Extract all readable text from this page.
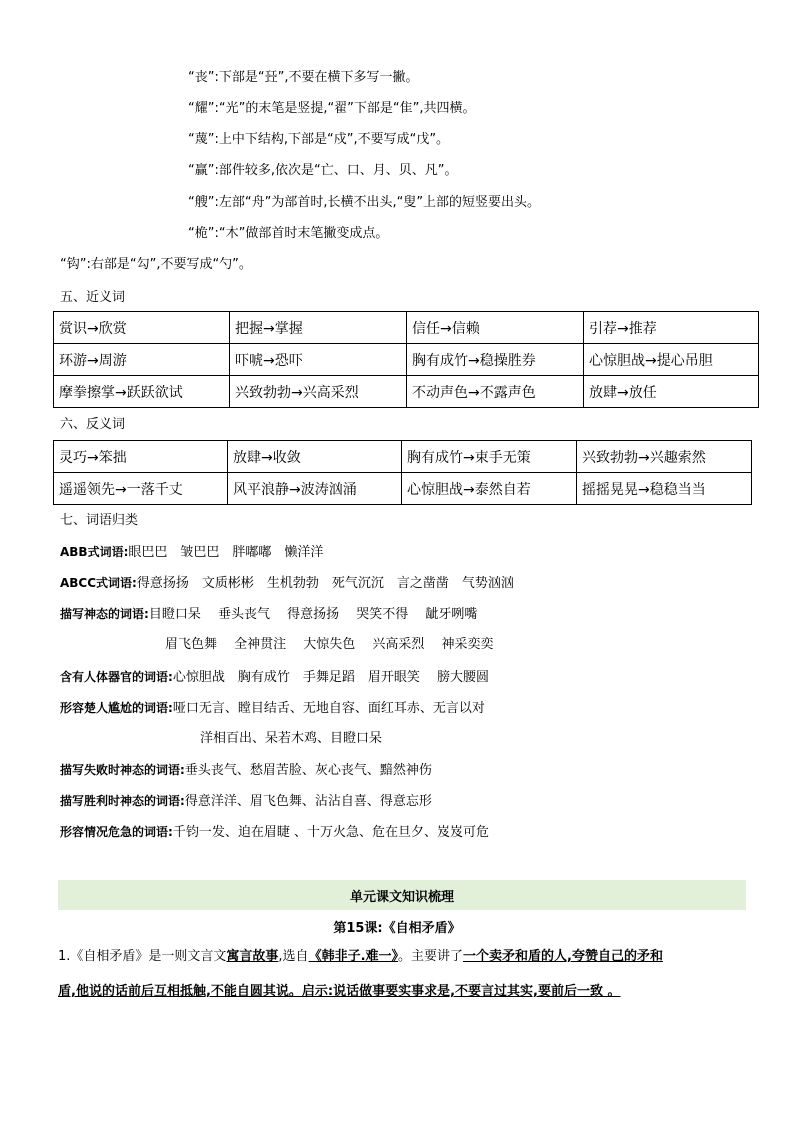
“丧”:下部是“㠭”,不要在横下多写一撇。
“耀”:“光”的末笔是竖提,“翟”下部是“隹”,共四横。
“蔑”:上中下结构,下部是“戍”,不要写成“戊”。
“赢”:部件较多,依次是“亡、口、月、贝、凡”。
“艘”:左部“舟”为部首时,长横不出头,“叟”上部的短竖要出头。
“桅”:“木”做部首时末笔撇变成点。
“钩”:右部是“勾”,不要写成“勺”。
五、近义词
赏识→欣赏	把握→掌握	信任→信赖	引荐→推荐
环游→周游	吓唬→恐吓	胸有成竹→稳操胜券	心惊胆战→提心吊胆
摩拳擦掌→跃跃欲试	兴致勃勃→兴高采烈	不动声色→不露声色	放肆→放任
六、反义词
灵巧→笨拙	放肆→收敛	胸有成竹→束手无策	兴致勃勃→兴趣索然
遥遥领先→一落千丈	风平浪静→波涛汹涌	心惊胆战→泰然自若	摇摇晃晃→稳稳当当
七、词语归类
ABB式词语:眼巴巴　皱巴巴　胖嘟嘟　懒洋洋
ABCC式词语:得意扬扬　文质彬彬　生机勃勃　死气沉沉　言之凿凿　气势汹汹
描写神态的词语:目瞪口呆　 垂头丧气　 得意扬扬　 哭笑不得　 龇牙咧嘴
眉飞色舞　 全神贯注　 大惊失色　 兴高采烈　 神采奕奕
含有人体器官的词语:心惊胆战　胸有成竹　手舞足蹈　眉开眼笑　 膀大腰圆
形容楚人尴尬的词语:哑口无言、瞠目结舌、无地自容、面红耳赤、无言以对
洋相百出、呆若木鸡、目瞪口呆
描写失败时神态的词语:垂头丧气、愁眉苦脸、灰心丧气、黯然神伤
描写胜利时神态的词语:得意洋洋、眉飞色舞、沾沾自喜、得意忘形
形容情况危急的词语:千钧一发、迫在眉睫 、十万火急、危在旦夕、岌岌可危
单元课文知识梳理
第15课:《自相矛盾》
1.《自相矛盾》是一则文言文寓言故事,选自《韩非子.难一》。主要讲了一个卖矛和盾的人,夸赞自己的矛和
盾,他说的话前后互相抵触,不能自圆其说。启示:说话做事要实事求是,不要言过其实,要前后一致 。
